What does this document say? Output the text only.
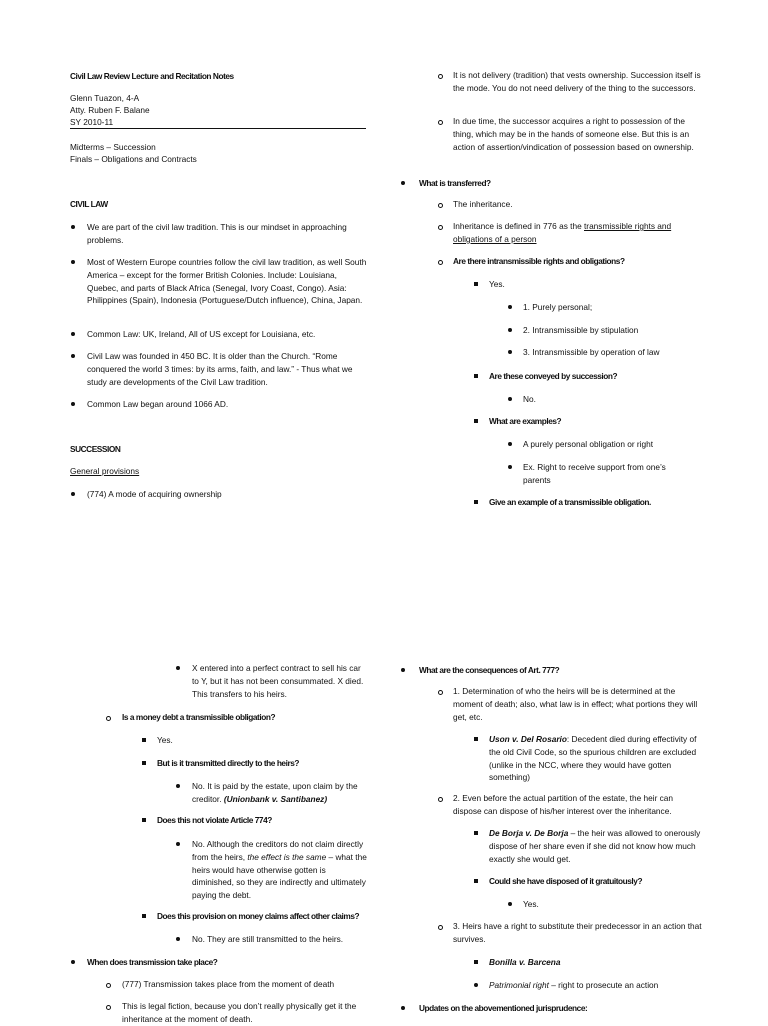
Civil Law Review Lecture and Recitation Notes

Glenn Tuazon, 4-A

Atty. Ruben F. Balane

SY 2010-11

Midterms – Succession

Finals – Obligations and Contracts

CIVIL LAW

We are part of the civil law tradition. This is our mindset in approaching problems.

Most of Western Europe countries follow the civil law tradition, as well South America – except for the former British Colonies. Include: Louisiana, Quebec, and parts of Black Africa (Senegal, Ivory Coast, Congo). Asia: Philippines (Spain), Indonesia (Portuguese/Dutch influence), China, Japan.

Common Law: UK, Ireland, All of US except for Louisiana, etc.

Civil Law was founded in 450 BC. It is older than the Church. “Rome conquered the world 3 times: by its arms, faith, and law.” - Thus what we study are developments of the Civil Law tradition.

Common Law began around 1066 AD.

SUCCESSION

General provisions

(774) A mode of acquiring ownership

It is not delivery (tradition) that vests ownership. Succession itself is the mode. You do not need delivery of the thing to the successors.

In due time, the successor acquires a right to possession of the thing, which may be in the hands of someone else. But this is an action of assertion/vindication of possession based on ownership.

What is transferred?

The inheritance.

Inheritance is defined in 776 as the transmissible rights and obligations of a person

Are there intransmissible rights and obligations?

Yes.

1. Purely personal;

2. Intransmissible by stipulation

3. Intransmissible by operation of law

Are these conveyed by succession?

No.

What are examples?

A purely personal obligation or right

Ex. Right to receive support from one’s parents

Give an example of a transmissible obligation.

X entered into a perfect contract to sell his car to Y, but it has not been consummated. X died. This transfers to his heirs.

Is a money debt a transmissible obligation?

Yes.

But is it transmitted directly to the heirs?

No. It is paid by the estate, upon claim by the creditor. (Unionbank v. Santibanez)

Does this not violate Article 774?

No. Although the creditors do not claim directly from the heirs, the effect is the same – what the heirs would have otherwise gotten is diminished, so they are indirectly and ultimately paying the debt.

Does this provision on money claims affect other claims?

No. They are still transmitted to the heirs.

When does transmission take place?

(777) Transmission takes place from the moment of death

This is legal fiction, because you don’t really physically get it the inheritance at the moment of death.

What are the consequences of Art. 777?

1. Determination of who the heirs will be is determined at the moment of death; also, what law is in effect; what portions they will get, etc.

Uson v. Del Rosario: Decedent died during effectivity of the old Civil Code, so the spurious children are excluded (unlike in the NCC, where they would have gotten something)

2. Even before the actual partition of the estate, the heir can dispose can dispose of his/her interest over the inheritance.

De Borja v. De Borja – the heir was allowed to onerously dispose of her share even if she did not know how much exactly she would get.

Could she have disposed of it gratuitously?

Yes.

3. Heirs have a right to substitute their predecessor in an action that survives.

Bonilla v. Barcena

Patrimonial right – right to prosecute an action

Updates on the abovementioned jurisprudence:
